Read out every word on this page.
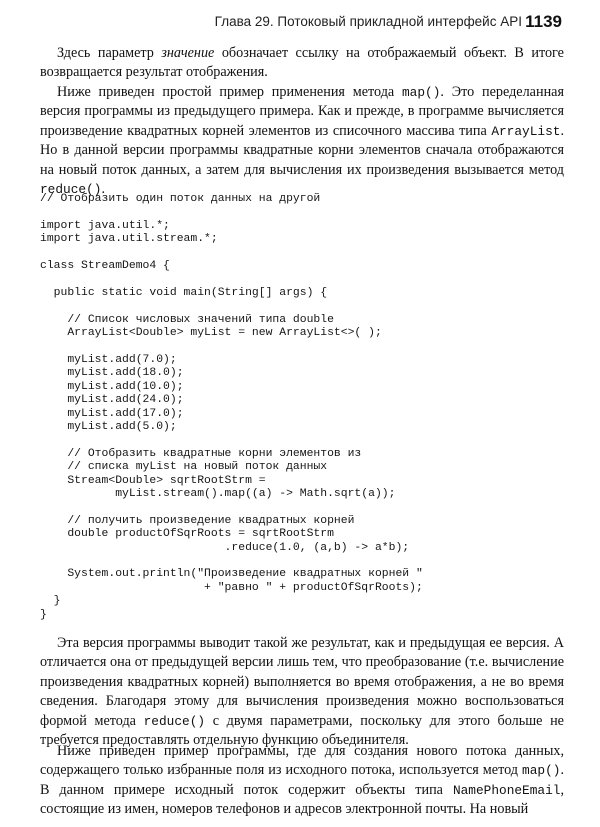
Глава 29. Потоковый прикладной интерфейс API 1139

Здесь параметр значение обозначает ссылку на отображаемый объект. В итоге возвращается результат отображения.

Ниже приведен простой пример применения метода map(). Это переделанная версия программы из предыдущего примера. Как и прежде, в программе вычисляется произведение квадратных корней элементов из списочного массива типа ArrayList. Но в данной версии программы квадратные корни элементов сначала отображаются на новый поток данных, а затем для вычисления их произведения вызывается метод reduce().

// Отобразить один поток данных на другой

import java.util.*;
import java.util.stream.*;

class StreamDemo4 {

public static void main(String[] args) {

// Список числовых значений типа double
ArrayList<Double> myList = new ArrayList<>( );

myList.add(7.0);
myList.add(18.0);
myList.add(10.0);
myList.add(24.0);
myList.add(17.0);
myList.add(5.0);

// Отобразить квадратные корни элементов из
// списка myList на новый поток данных
Stream<Double> sqrtRootStrm =
myList.stream().map((a) -> Math.sqrt(a));

// получить произведение квадратных корней
double productOfSqrRoots = sqrtRootStrm
.reduce(1.0, (a,b) -> a*b);

System.out.println("Произведение квадратных корней "
+ "равно " + productOfSqrRoots);
}
}

Эта версия программы выводит такой же результат, как и предыдущая ее версия. А отличается она от предыдущей версии лишь тем, что преобразование (т.е. вычисление произведения квадратных корней) выполняется во время отображения, а не во время сведения. Благодаря этому для вычисления произведения можно воспользоваться формой метода reduce() с двумя параметрами, поскольку для этого больше не требуется предоставлять отдельную функцию объединителя.

Ниже приведен пример программы, где для создания нового потока данных, содержащего только избранные поля из исходного потока, используется метод map(). В данном примере исходный поток содержит объекты типа NamePhoneEmail, состоящие из имен, номеров телефонов и адресов электронной почты. На новый
